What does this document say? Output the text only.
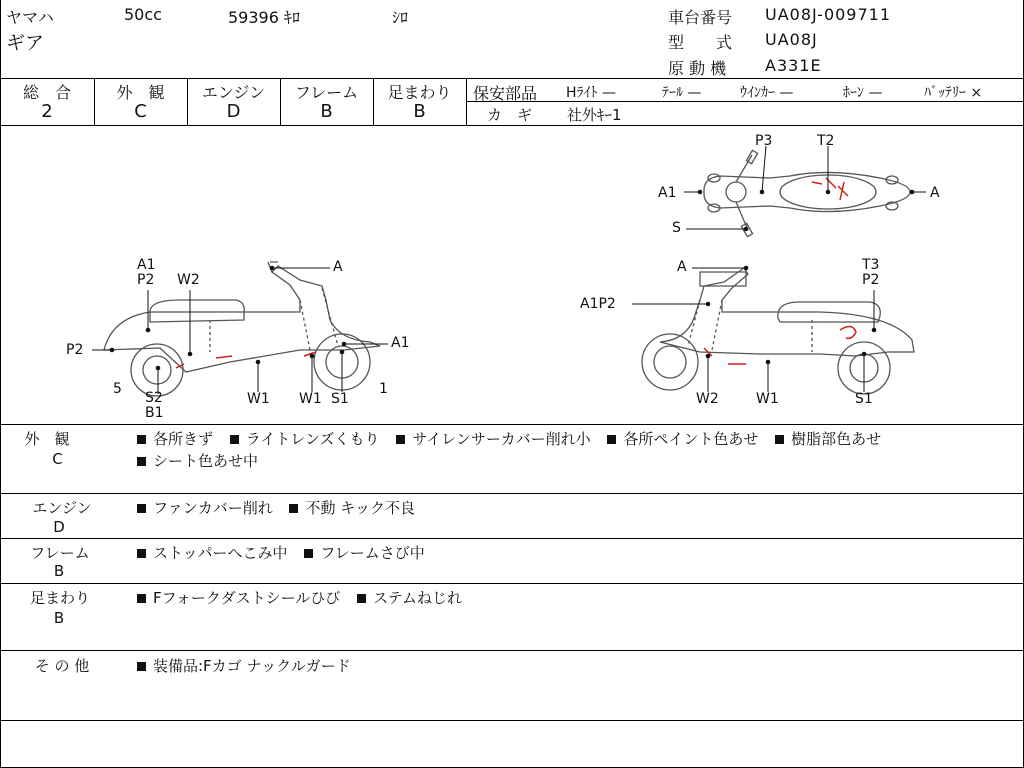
ヤマハ	50cc	59396 ｷﾛ	ｼﾛ
ギア
車台番号 UA08J-009711
型　　式 UA08J
原 動 機 A331E
総　合
2
外　観
C
エンジン
D
フレーム
B
足まわり
B
保安部品 Hﾗｲﾄ —	ﾃｰﾙ —	ｳｲﾝｶｰ —	ﾎｰﾝ —	ﾊﾞｯﾃﾘｰ ×
カ　ギ 社外ｷｰ1
P3	T2
A1	A
S
A1
P2 W2
A
P2	A1
5
S2
B1
W1 W1 S1
1
A	T3
P2
A1P2
W2	W1	S1
外　観
C
各所きず ライトレンズくもり サイレンサーカバー削れ小 各所ペイント色あせ 樹脂部色あせ
シート色あせ中
エンジン
D
ファンカバー削れ 不動 キック不良
フレーム
B
ストッパーへこみ中 フレームさび中
足まわり
B
Fフォークダストシールひび ステムねじれ
そ の 他	装備品:Fカゴ ナックルガード
